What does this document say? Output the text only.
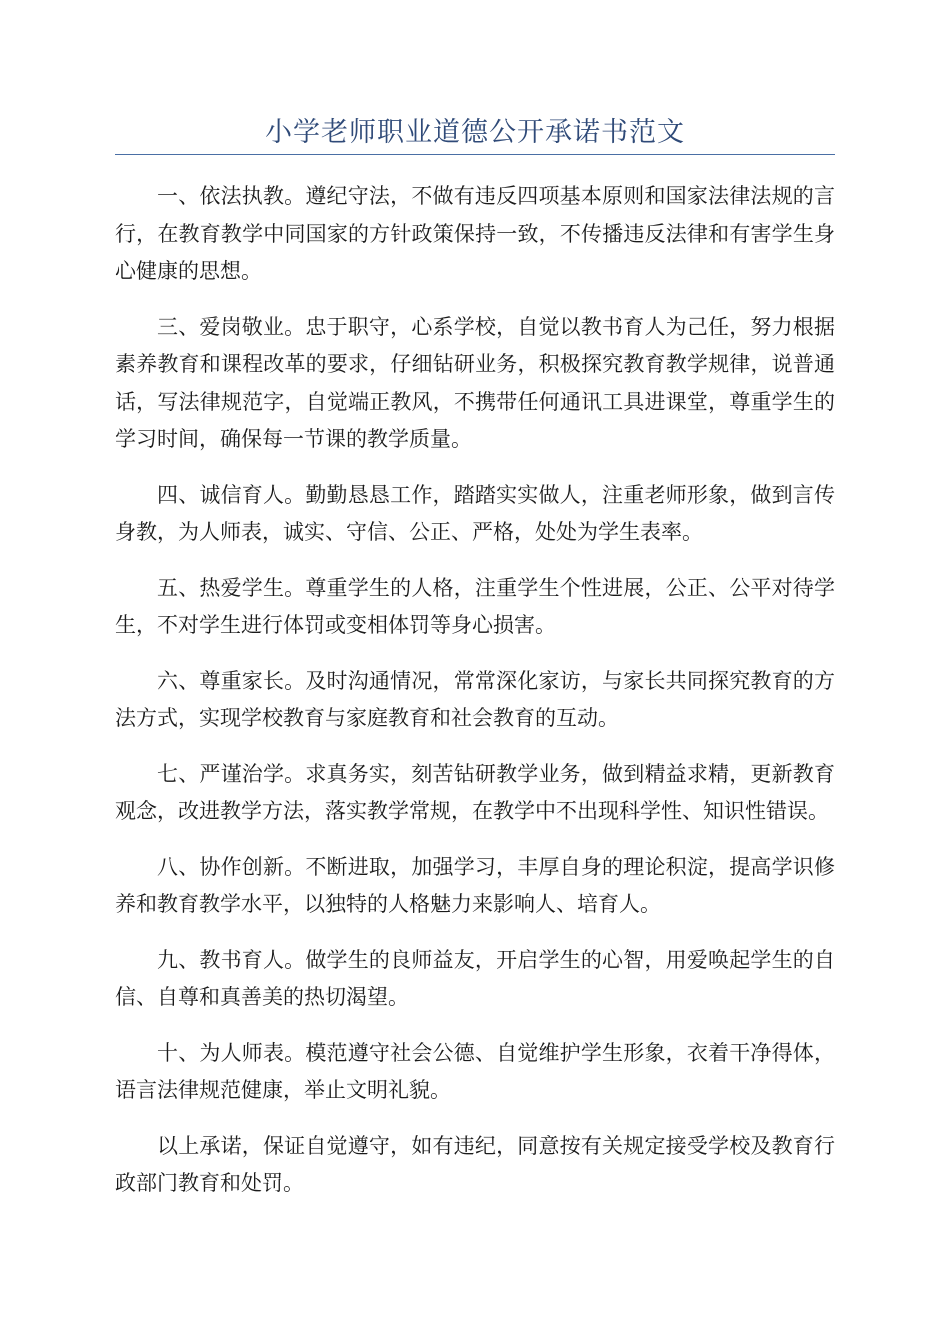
小学老师职业道德公开承诺书范文

一、依法执教。遵纪守法，不做有违反四项基本原则和国家法律法规的言行，在教育教学中同国家的方针政策保持一致，不传播违反法律和有害学生身心健康的思想。

三、爱岗敬业。忠于职守，心系学校，自觉以教书育人为己任，努力根据素养教育和课程改革的要求，仔细钻研业务，积极探究教育教学规律，说普通话，写法律规范字，自觉端正教风，不携带任何通讯工具进课堂，尊重学生的学习时间，确保每一节课的教学质量。

四、诚信育人。勤勤恳恳工作，踏踏实实做人，注重老师形象，做到言传身教，为人师表，诚实、守信、公正、严格，处处为学生表率。

五、热爱学生。尊重学生的人格，注重学生个性进展，公正、公平对待学生，不对学生进行体罚或变相体罚等身心损害。

六、尊重家长。及时沟通情况，常常深化家访，与家长共同探究教育的方法方式，实现学校教育与家庭教育和社会教育的互动。

七、严谨治学。求真务实，刻苦钻研教学业务，做到精益求精，更新教育观念，改进教学方法，落实教学常规，在教学中不出现科学性、知识性错误。

八、协作创新。不断进取，加强学习，丰厚自身的理论积淀，提高学识修养和教育教学水平，以独特的人格魅力来影响人、培育人。

九、教书育人。做学生的良师益友，开启学生的心智，用爱唤起学生的自信、自尊和真善美的热切渴望。

十、为人师表。模范遵守社会公德、自觉维护学生形象，衣着干净得体，语言法律规范健康，举止文明礼貌。

以上承诺，保证自觉遵守，如有违纪，同意按有关规定接受学校及教育行政部门教育和处罚。
